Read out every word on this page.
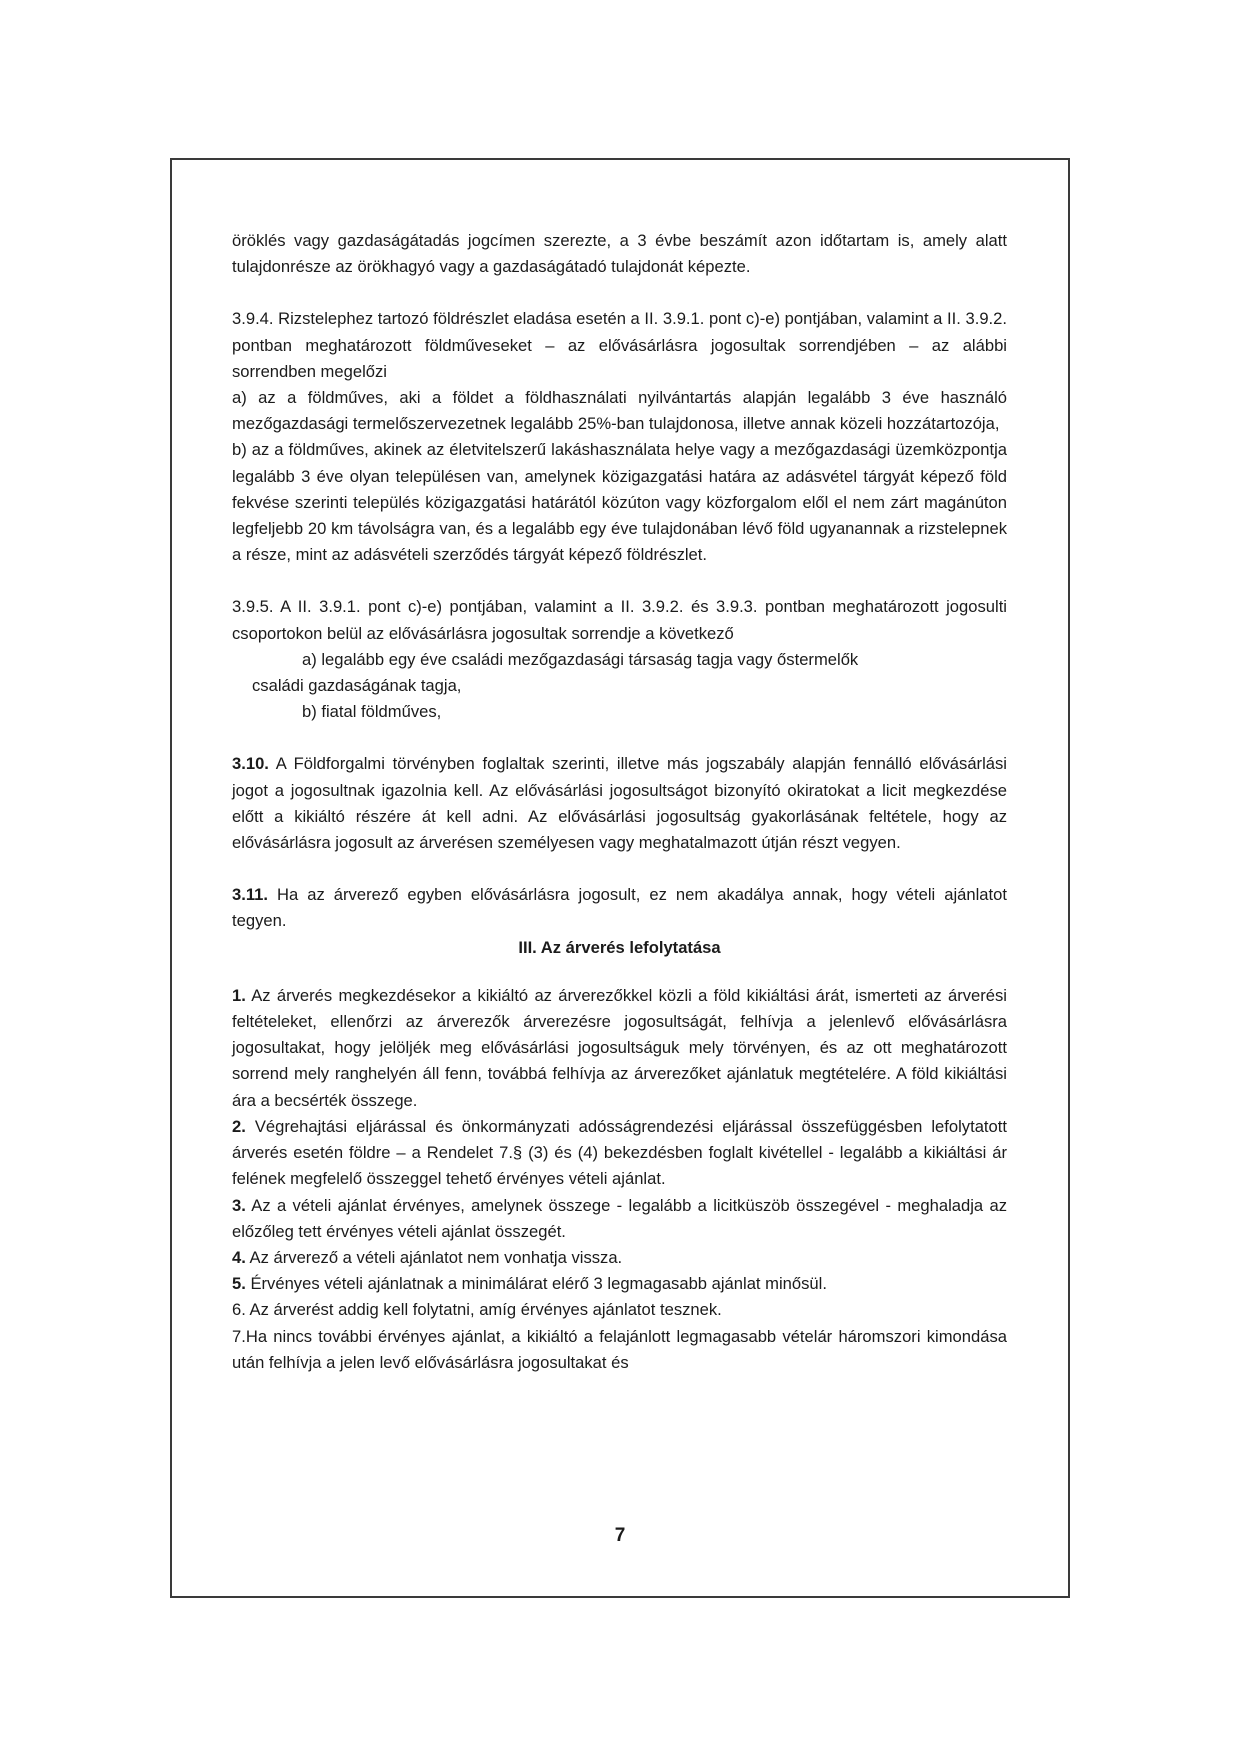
öröklés vagy gazdaságátadás jogcímen szerezte, a 3 évbe beszámít azon időtartam is, amely alatt tulajdonrésze az örökhagyó vagy a gazdaságátadó tulajdonát képezte.

3.9.4. Rizstelephez tartozó földrészlet eladása esetén a II. 3.9.1. pont c)-e) pontjában, valamint a II. 3.9.2. pontban meghatározott földműveseket – az elővásárlásra jogosultak sorrendjében – az alábbi sorrendben megelőzi

a) az a földműves, aki a földet a földhasználati nyilvántartás alapján legalább 3 éve használó mezőgazdasági termelőszervezetnek legalább 25%-ban tulajdonosa, illetve annak közeli hozzátartozója,

b) az a földműves, akinek az életvitelszerű lakáshasználata helye vagy a mezőgazdasági üzemközpontja legalább 3 éve olyan településen van, amelynek közigazgatási határa az adásvétel tárgyát képező föld fekvése szerinti település közigazgatási határától közúton vagy közforgalom elől el nem zárt magánúton legfeljebb 20 km távolságra van, és a legalább egy éve tulajdonában lévő föld ugyanannak a rizstelepnek a része, mint az adásvételi szerződés tárgyát képező földrészlet.

3.9.5. A II. 3.9.1. pont c)-e) pontjában, valamint a II. 3.9.2. és 3.9.3. pontban meghatározott jogosulti csoportokon belül az elővásárlásra jogosultak sorrendje a következő

a) legalább egy éve családi mezőgazdasági társaság tagja vagy őstermelők

családi gazdaságának tagja,

b) fiatal földműves,

3.10. A Földforgalmi törvényben foglaltak szerinti, illetve más jogszabály alapján fennálló elővásárlási jogot a jogosultnak igazolnia kell. Az elővásárlási jogosultságot bizonyító okiratokat a licit megkezdése előtt a kikiáltó részére át kell adni. Az elővásárlási jogosultság gyakorlásának feltétele, hogy az elővásárlásra jogosult az árverésen személyesen vagy meghatalmazott útján részt vegyen.

3.11. Ha az árverező egyben elővásárlásra jogosult, ez nem akadálya annak, hogy vételi ajánlatot tegyen.

III. Az árverés lefolytatása

1. Az árverés megkezdésekor a kikiáltó az árverezőkkel közli a föld kikiáltási árát, ismerteti az árverési feltételeket, ellenőrzi az árverezők árverezésre jogosultságát, felhívja a jelenlevő elővásárlásra jogosultakat, hogy jelöljék meg elővásárlási jogosultságuk mely törvényen, és az ott meghatározott sorrend mely ranghelyén áll fenn, továbbá felhívja az árverezőket ajánlatuk megtételére. A föld kikiáltási ára a becsérték összege.

2. Végrehajtási eljárással és önkormányzati adósságrendezési eljárással összefüggésben lefolytatott árverés esetén földre – a Rendelet 7.§ (3) és (4) bekezdésben foglalt kivétellel - legalább a kikiáltási ár felének megfelelő összeggel tehető érvényes vételi ajánlat.

3. Az a vételi ajánlat érvényes, amelynek összege - legalább a licitküszöb összegével - meghaladja az előzőleg tett érvényes vételi ajánlat összegét.

4. Az árverező a vételi ajánlatot nem vonhatja vissza.

5. Érvényes vételi ajánlatnak a minimálárat elérő 3 legmagasabb ajánlat minősül.

6. Az árverést addig kell folytatni, amíg érvényes ajánlatot tesznek.

7.Ha nincs további érvényes ajánlat, a kikiáltó a felajánlott legmagasabb vételár háromszori kimondása után felhívja a jelen levő elővásárlásra jogosultakat és

7
